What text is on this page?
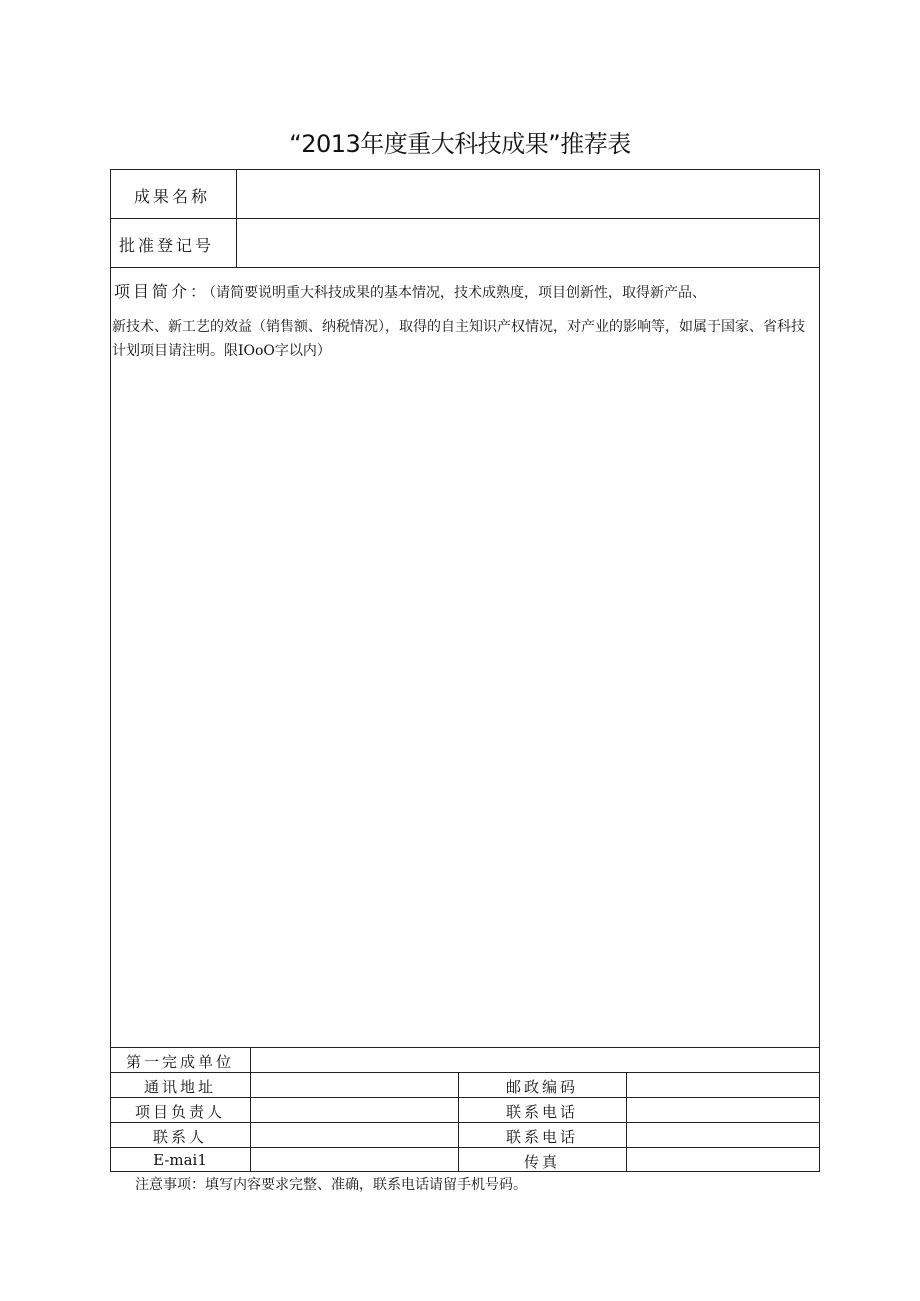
“2013年度重大科技成果”推荐表
成果名称
批准登记号
项目简介：（请简要说明重大科技成果的基本情况，技术成熟度，项目创新性，取得新产品、
新技术、新工艺的效益（销售额、纳税情况），取得的自主知识产权情况，对产业的影响等，如属于国家、省科技计划项目请注明。限IOoO字以内）
第一完成单位
通讯地址	邮政编码
项目负责人	联系电话
联系人	联系电话
E-mai1	传真
注意事项：填写内容要求完整、准确，联系电话请留手机号码。
